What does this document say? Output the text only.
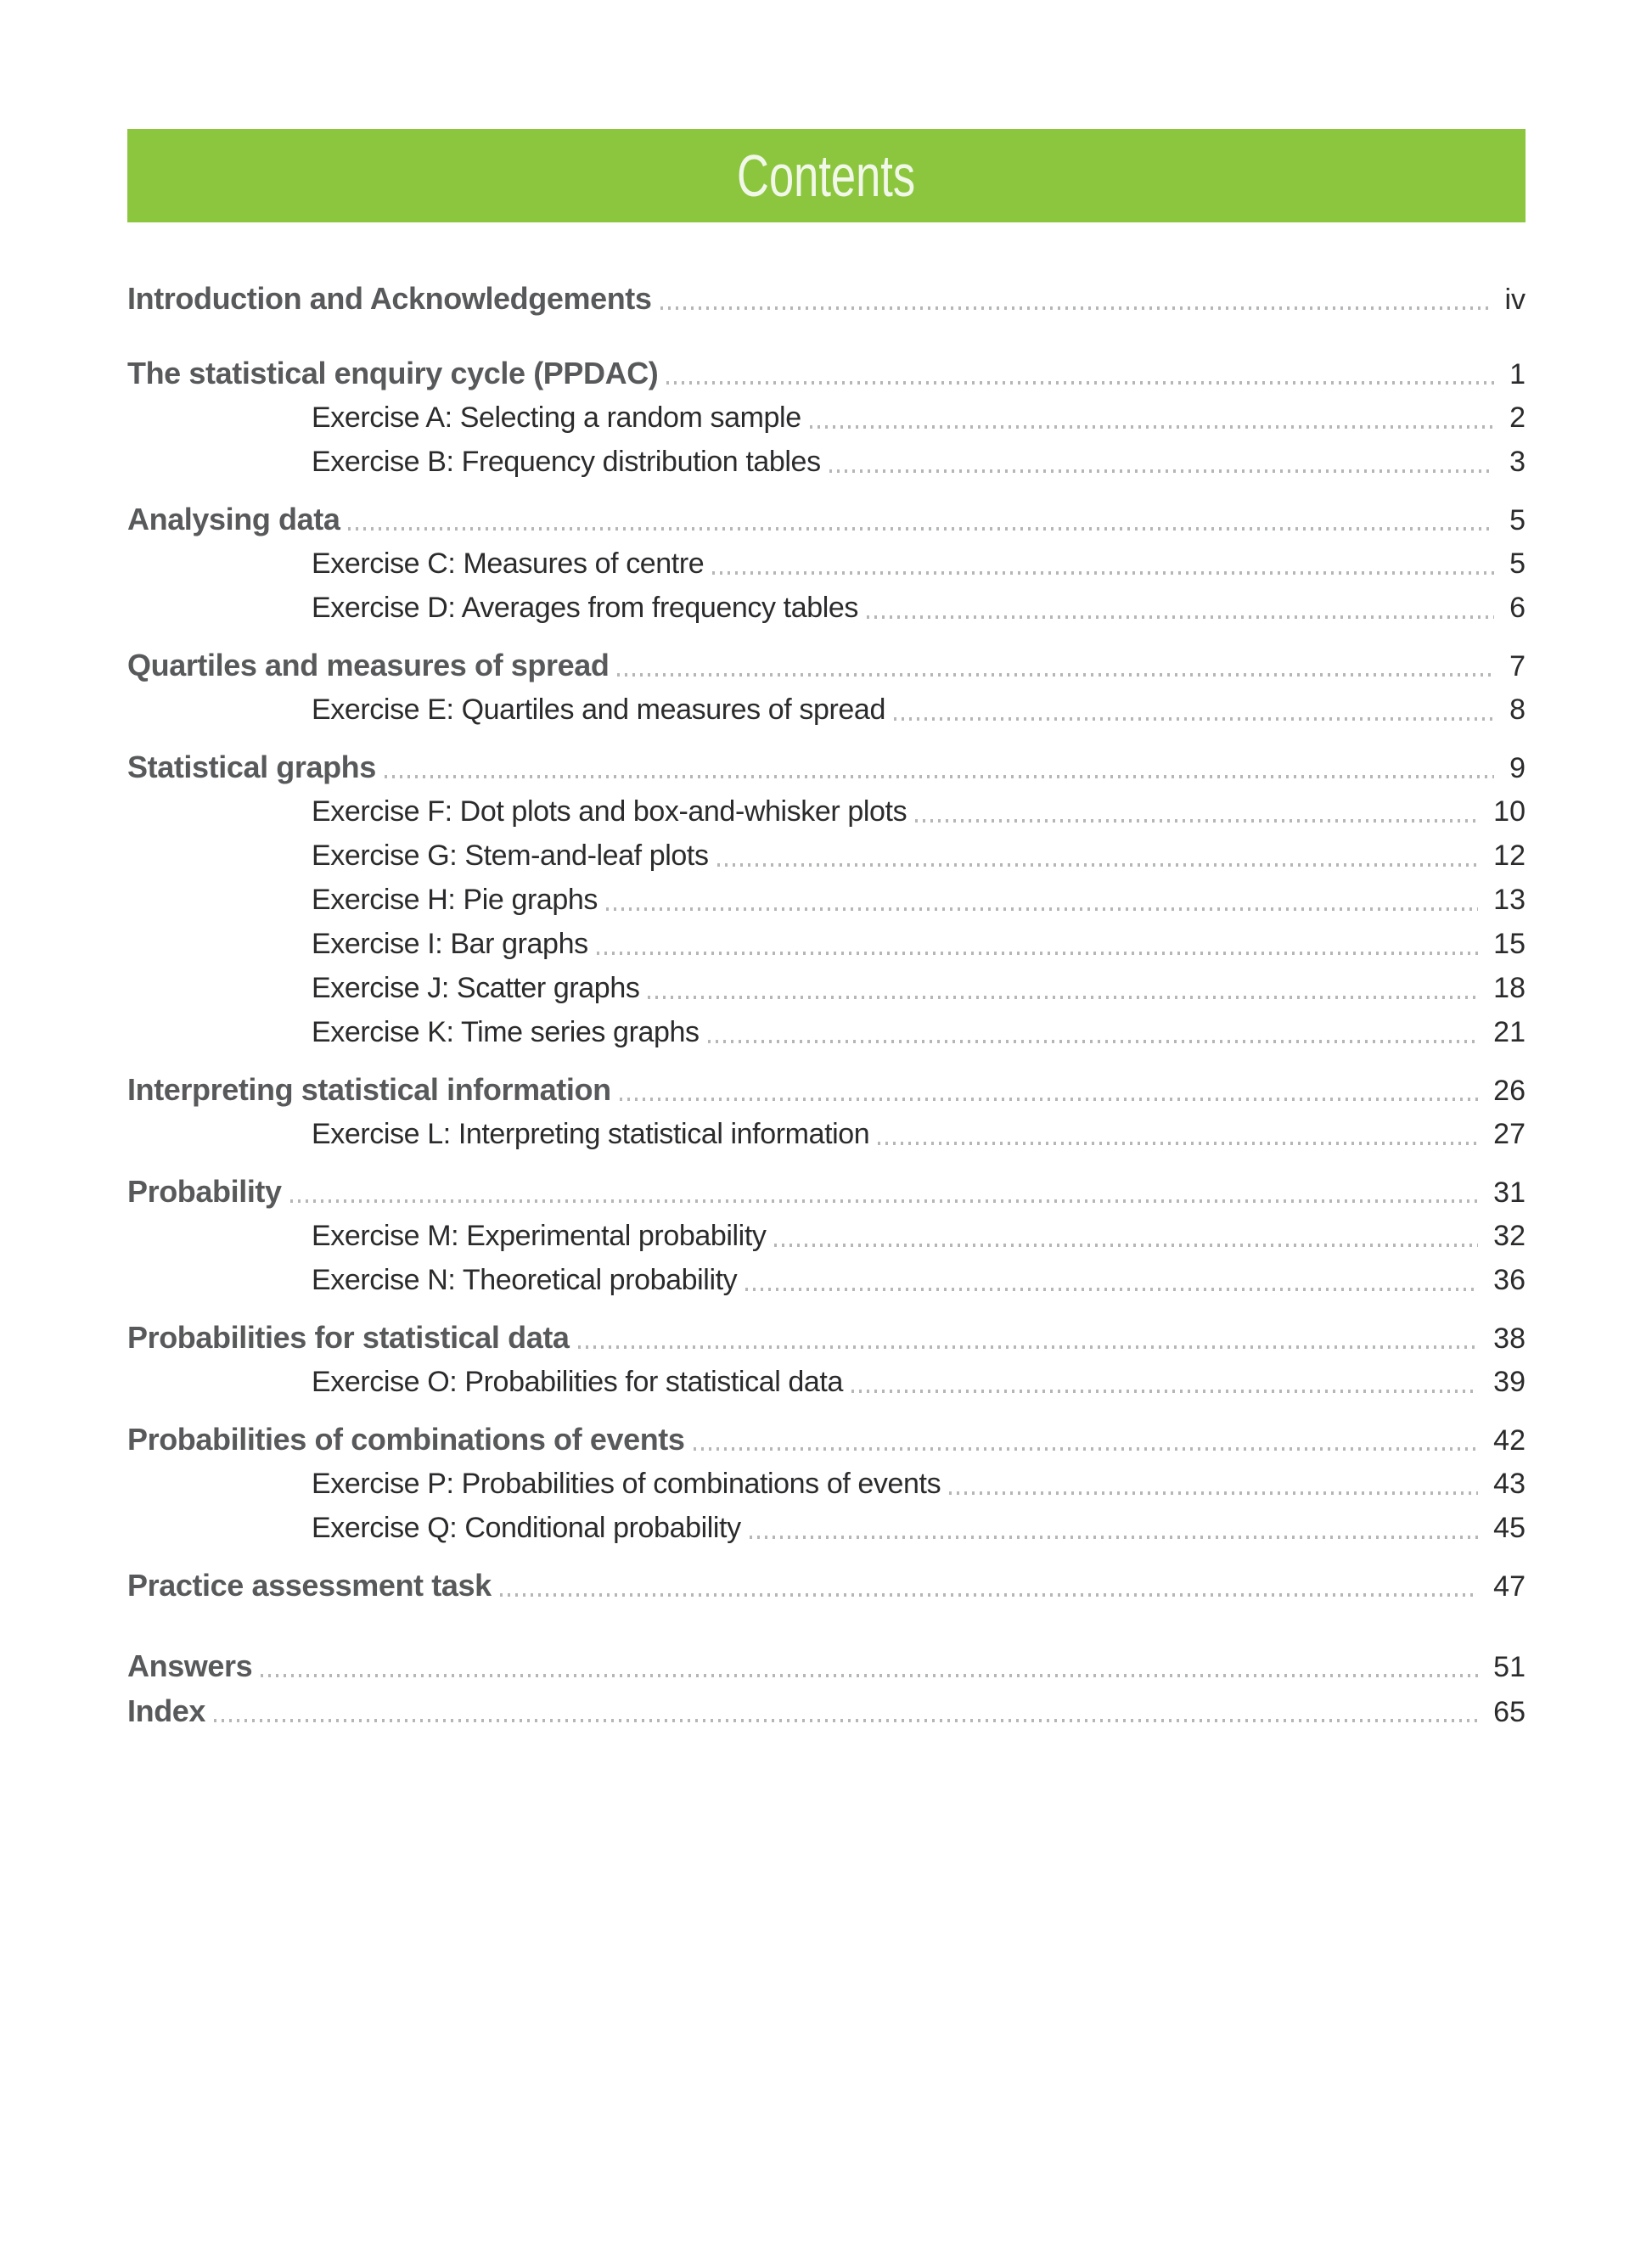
Contents
Introduction and Acknowledgements	iv
The statistical enquiry cycle (PPDAC)	1
Exercise A: Selecting a random sample	2
Exercise B: Frequency distribution tables	3
Analysing data	5
Exercise C: Measures of centre	5
Exercise D: Averages from frequency tables	6
Quartiles and measures of spread	7
Exercise E: Quartiles and measures of spread	8
Statistical graphs	9
Exercise F: Dot plots and box-and-whisker plots	10
Exercise G: Stem-and-leaf plots	12
Exercise H: Pie graphs	13
Exercise I: Bar graphs	15
Exercise J: Scatter graphs	18
Exercise K: Time series graphs	21
Interpreting statistical information	26
Exercise L: Interpreting statistical information	27
Probability	31
Exercise M: Experimental probability	32
Exercise N: Theoretical probability	36
Probabilities for statistical data	38
Exercise O: Probabilities for statistical data	39
Probabilities of combinations of events	42
Exercise P: Probabilities of combinations of events	43
Exercise Q: Conditional probability	45
Practice assessment task	47
Answers	51
Index	65
